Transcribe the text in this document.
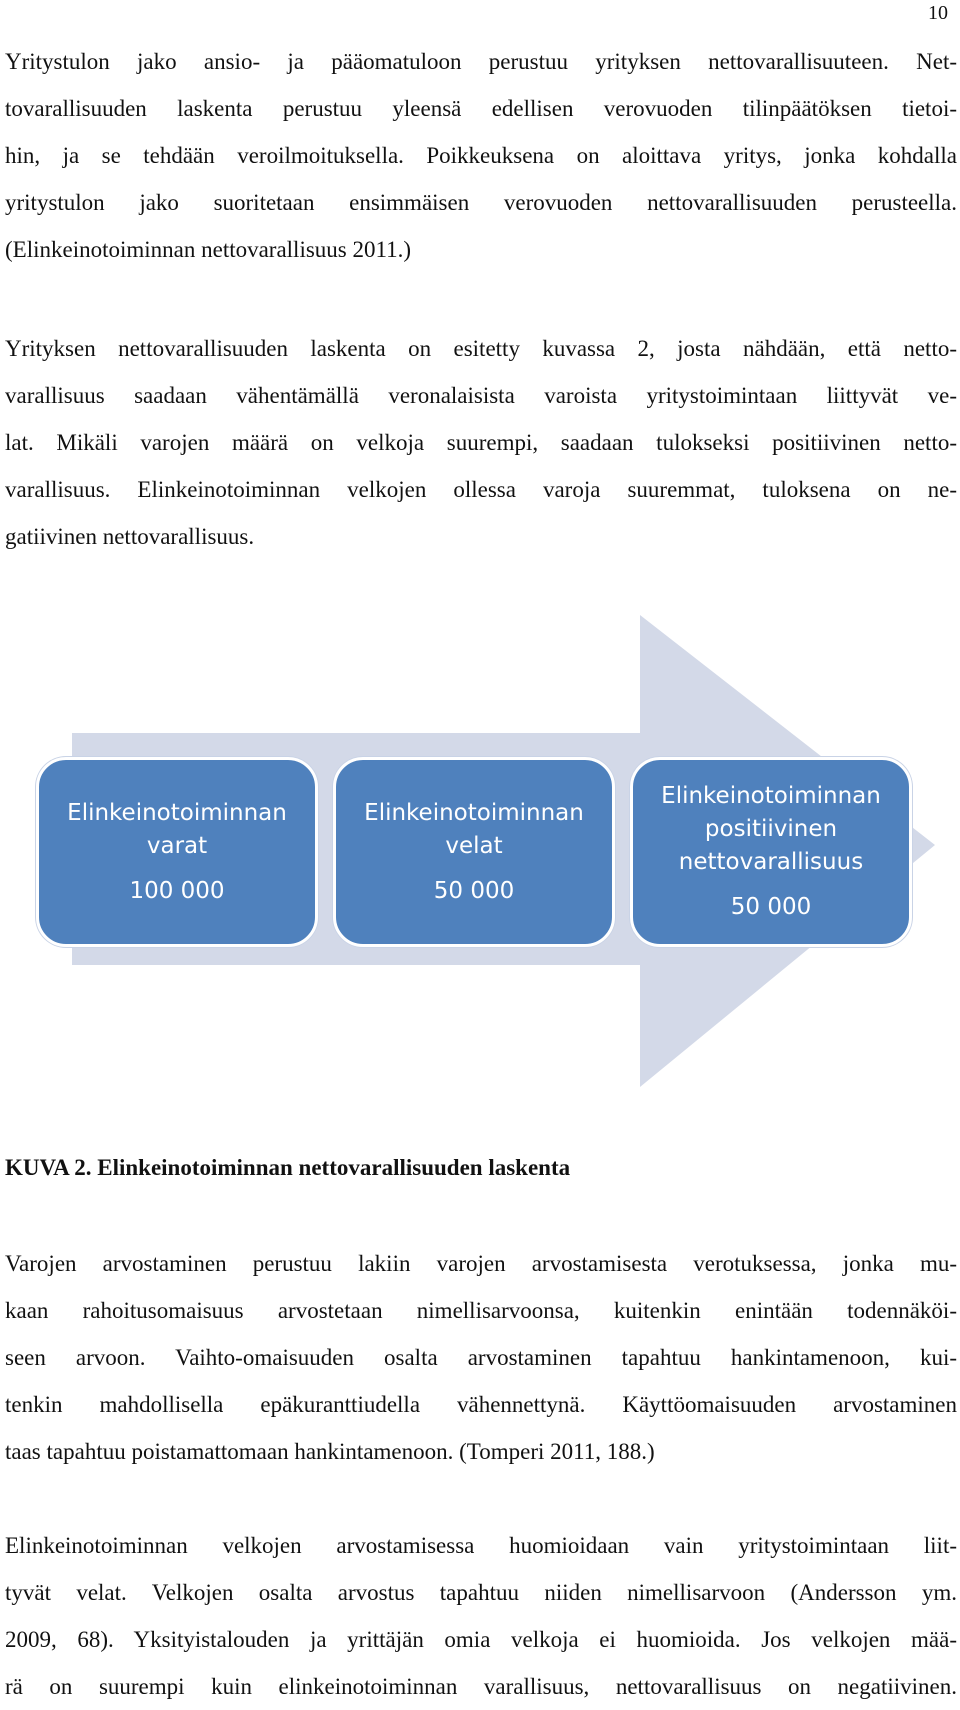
10
Yritystulon jako ansio- ja pääomatuloon perustuu yrityksen nettovarallisuuteen. Net-
tovarallisuuden laskenta perustuu yleensä edellisen verovuoden tilinpäätöksen tietoi-
hin, ja se tehdään veroilmoituksella. Poikkeuksena on aloittava yritys, jonka kohdalla
yritystulon jako suoritetaan ensimmäisen verovuoden nettovarallisuuden perusteella.
(Elinkeinotoiminnan nettovarallisuus 2011.)
Yrityksen nettovarallisuuden laskenta on esitetty kuvassa 2, josta nähdään, että netto-
varallisuus saadaan vähentämällä veronalaisista varoista yritystoimintaan liittyvät ve-
lat. Mikäli varojen määrä on velkoja suurempi, saadaan tulokseksi positiivinen netto-
varallisuus. Elinkeinotoiminnan velkojen ollessa varoja suuremmat, tuloksena on ne-
gatiivinen nettovarallisuus.
Elinkeinotoiminnan
varat
100 000
Elinkeinotoiminnan
velat
50 000
Elinkeinotoiminnan
positiivinen
nettovarallisuus
50 000

KUVA 2. Elinkeinotoiminnan nettovarallisuuden laskenta

Varojen arvostaminen perustuu lakiin varojen arvostamisesta verotuksessa, jonka mu-
kaan rahoitusomaisuus arvostetaan nimellisarvoonsa, kuitenkin enintään todennäköi-
seen arvoon. Vaihto-omaisuuden osalta arvostaminen tapahtuu hankintamenoon, kui-
tenkin mahdollisella epäkuranttiudella vähennettynä. Käyttöomaisuuden arvostaminen
taas tapahtuu poistamattomaan hankintamenoon. (Tomperi 2011, 188.)
Elinkeinotoiminnan velkojen arvostamisessa huomioidaan vain yritystoimintaan liit-
tyvät velat. Velkojen osalta arvostus tapahtuu niiden nimellisarvoon (Andersson ym.
2009, 68). Yksityistalouden ja yrittäjän omia velkoja ei huomioida. Jos velkojen mää-
rä on suurempi kuin elinkeinotoiminnan varallisuus, nettovarallisuus on negatiivinen.
